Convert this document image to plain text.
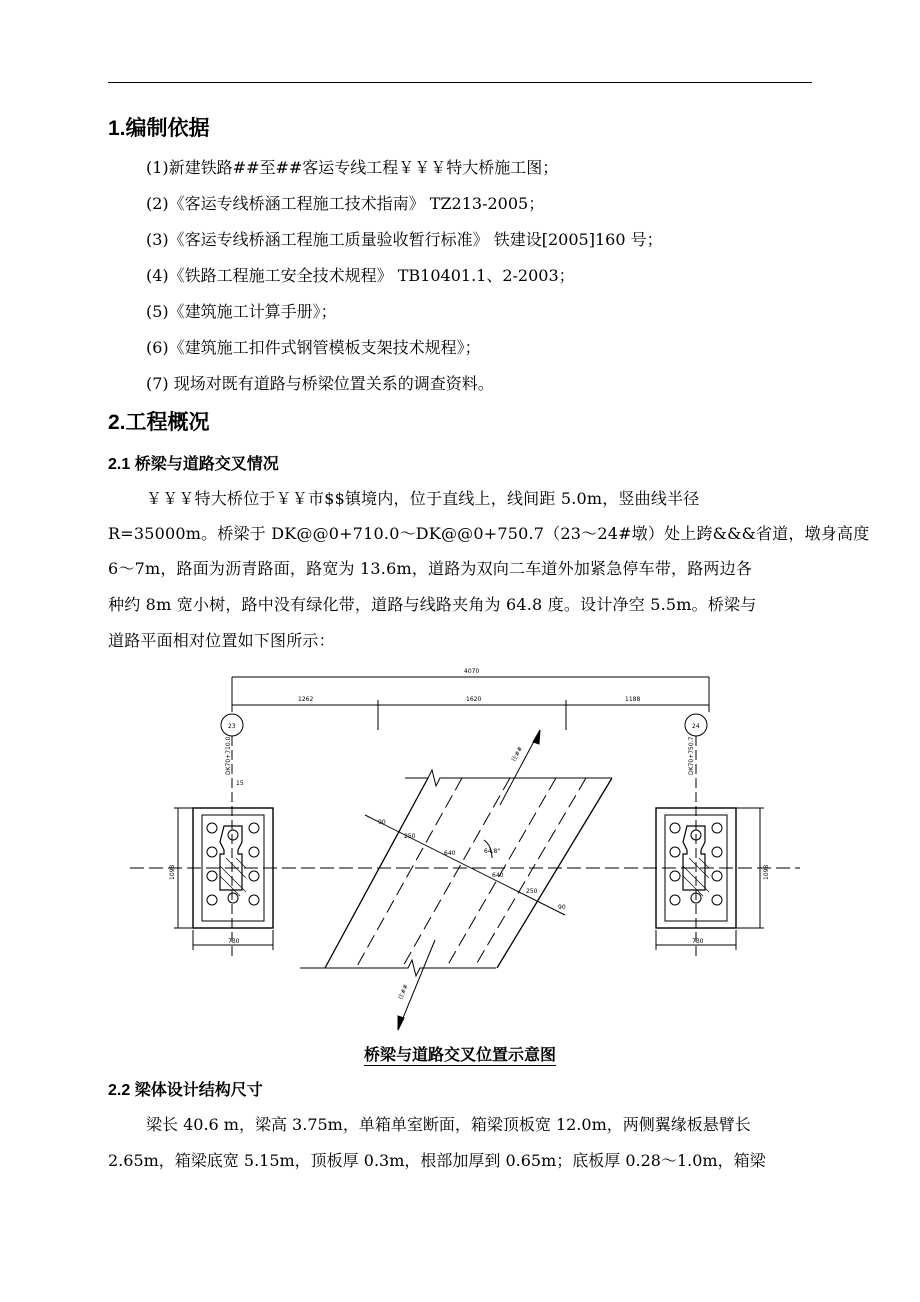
1.编制依据
(1)新建铁路##至##客运专线工程￥￥￥特大桥施工图；
(2)《客运专线桥涵工程施工技术指南》 TZ213-2005；
(3)《客运专线桥涵工程施工质量验收暂行标准》 铁建设[2005]160 号；
(4)《铁路工程施工安全技术规程》 TB10401.1、2-2003；
(5)《建筑施工计算手册》；
(6)《建筑施工扣件式钢管模板支架技术规程》；
(7) 现场对既有道路与桥梁位置关系的调查资料。
2.工程概况
2.1 桥梁与道路交叉情况
￥￥￥特大桥位于￥￥市$$镇境内，位于直线上，线间距 5.0m，竖曲线半径
R=35000m。桥梁于 DK@@0+710.0～DK@@0+750.7（23～24#墩）处上跨&&&省道，墩身高度
6～7m，路面为沥青路面，路宽为 13.6m，道路为双向二车道外加紧急停车带，路两边各
种约 8m 宽小树，路中没有绿化带，道路与线路夹角为 64.8 度。设计净空 5.5m。桥梁与
道路平面相对位置如下图所示：
4070
1262	1620	1188
23	24
15
DK70+710.0	DK70+750.7
1098	1098
730	730
90
250
640	64.8°
640
250
90
往##
往##
桥梁与道路交叉位置示意图
2.2 梁体设计结构尺寸
梁长 40.6 m，梁高 3.75m，单箱单室断面，箱梁顶板宽 12.0m，两侧翼缘板悬臂长
2.65m，箱梁底宽 5.15m，顶板厚 0.3m，根部加厚到 0.65m；底板厚 0.28～1.0m，箱梁
